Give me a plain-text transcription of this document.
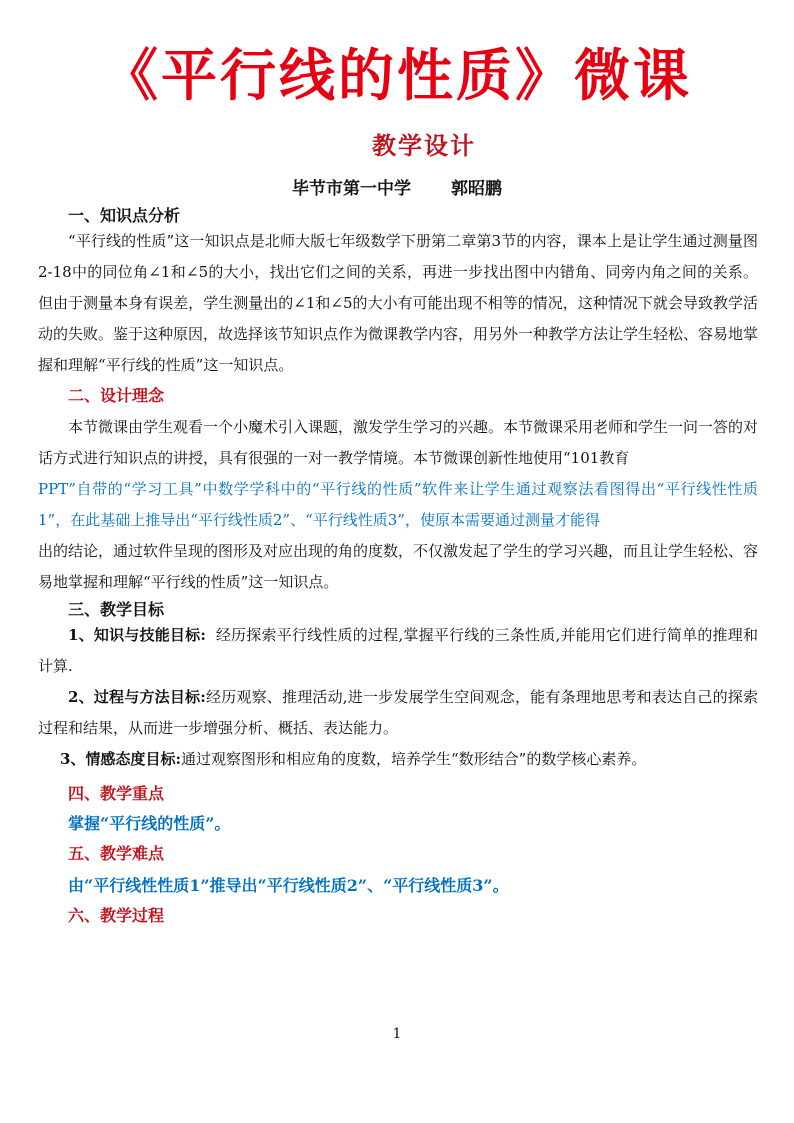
《平行线的性质》微课
教学设计
毕节市第一中学 郭昭鹏
一、知识点分析
“平行线的性质”这一知识点是北师大版七年级数学下册第二章第3节的内容，课本上是让学生通过测量图2-18中的同位角∠1和∠5的大小，找出它们之间的关系，再进一步找出图中内错角、同旁内角之间的关系。但由于测量本身有误差，学生测量出的∠1和∠5的大小有可能出现不相等的情况，这种情况下就会导致教学活动的失败。鉴于这种原因，故选择该节知识点作为微课教学内容，用另外一种教学方法让学生轻松、容易地掌握和理解“平行线的性质”这一知识点。
二、设计理念
本节微课由学生观看一个小魔术引入课题，激发学生学习的兴趣。本节微课采用老师和学生一问一答的对话方式进行知识点的讲授，具有很强的一对一教学情境。本节微课创新性地使用“101教育
PPT”自带的“学习工具”中数学学科中的“平行线的性质”软件来让学生通过观察法看图得出“平行线性性质1”，在此基础上推导出“平行线性质2”、“平行线性质3”，使原本需要通过测量才能得
出的结论，通过软件呈现的图形及对应出现的角的度数，不仅激发起了学生的学习兴趣，而且让学生轻松、容易地掌握和理解“平行线的性质”这一知识点。
三、教学目标
1、知识与技能目标: 经历探索平行线性质的过程,掌握平行线的三条性质,并能用它们进行简单的推理和计算.
2、过程与方法目标:经历观察、推理活动,进一步发展学生空间观念，能有条理地思考和表达自己的探索过程和结果，从而进一步增强分析、概括、表达能力。
3、情感态度目标:通过观察图形和相应角的度数，培养学生“数形结合”的数学核心素养。
四、教学重点
掌握“平行线的性质”。
五、教学难点
由“平行线性性质1”推导出“平行线性质2”、“平行线性质3”。
六、教学过程
1
